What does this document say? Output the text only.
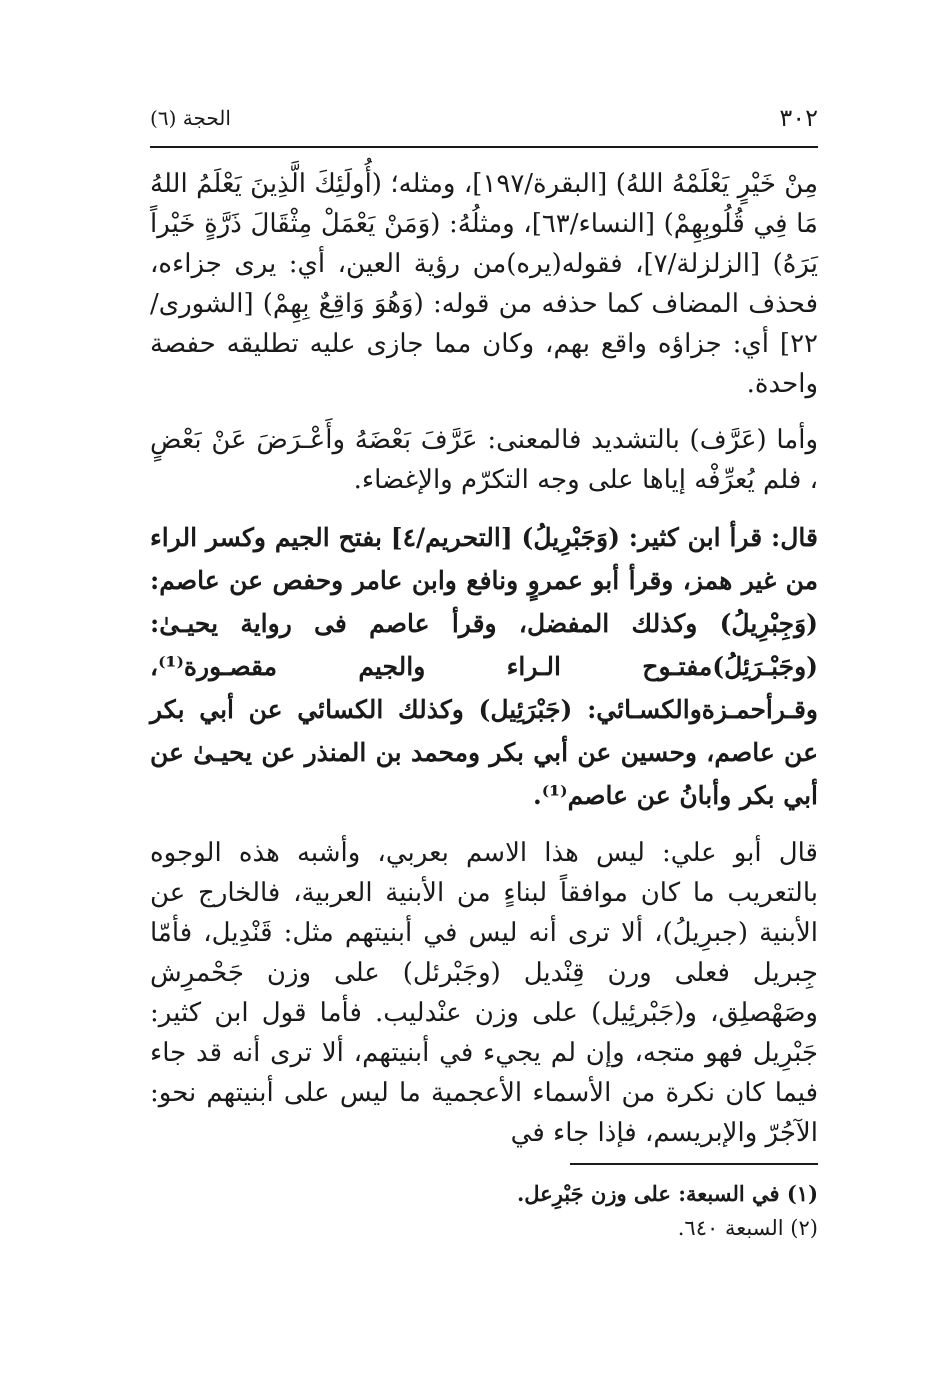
٣٠٢
الحجة (٦)

مِنْ خَيْرٍ يَعْلَمْهُ اللهُ) [البقرة/١٩٧]، ومثله؛ (أُولَئِكَ الَّذِينَ يَعْلَمُ اللهُ مَا فِي قُلُوبِهِمْ) [النساء/٦٣]، ومثلُهُ: (وَمَنْ يَعْمَلْ مِثْقَالَ ذَرَّةٍ خَيْراً يَرَهُ) [الزلزلة/٧]، فقوله(يره)من رؤية العين، أي: يرى جزاءه، فحذف المضاف كما حذفه من قوله: (وَهُوَ وَاقِعٌ بِهِمْ) [الشورى/٢٢] أي: جزاؤه واقع بهم، وكان مما جازى عليه تطليقه حفصة واحدة.

وأما (عَرَّف) بالتشديد فالمعنى: عَرَّفَ بَعْضَهُ وأَعْـرَضَ عَنْ بَعْضٍ ، فلم يُعرِّفْه إياها على وجه التكرّم والإغضاء.

قال: قرأ ابن كثير: (وَجَبْرِيلُ) [التحريم/٤] بفتح الجيم وكسر الراء من غير همز، وقرأ أبو عمروٍ ونافع وابن عامر وحفص عن عاصم: (وَجِبْرِيلُ) وكذلك المفضل، وقرأ عاصم فى رواية يحيـىٰ: (وجَبْـرَئِلُ)مفتـوح الـراء والجيم مقصـورة⁽¹⁾، وقـرأحمـزةوالكسـائي: (جَبْرَئِيل) وكذلك الكسائي عن أبي بكر عن عاصم، وحسين عن أبي بكر ومحمد بن المنذر عن يحيـىٰ عن أبي بكر وأبانُ عن عاصم⁽¹⁾.

قال أبو علي: ليس هذا الاسم بعربي، وأشبه هذه الوجوه بالتعريب ما كان موافقاً لبناءٍ من الأبنية العربية، فالخارج عن الأبنية (جبرِيلُ)، ألا ترى أنه ليس في أبنيتهم مثل: قَنْدِيل، فأمّا جِبريل فعلى ورن قِنْديل (وجَبْرئل) على وزن جَحْمرِش وصَهْصلِق، و(جَبْرئِيل) على وزن عنْدليب. فأما قول ابن كثير: جَبْرِيل فهو متجه، وإن لم يجيء في أبنيتهم، ألا ترى أنه قد جاء فيما كان نكرة من الأسماء الأعجمية ما ليس على أبنيتهم نحو: الآجُرّ والإبريسم، فإذا جاء في

(١) في السبعة: على وزن جَبْرِعل.
(٢) السبعة ٦٤٠.
